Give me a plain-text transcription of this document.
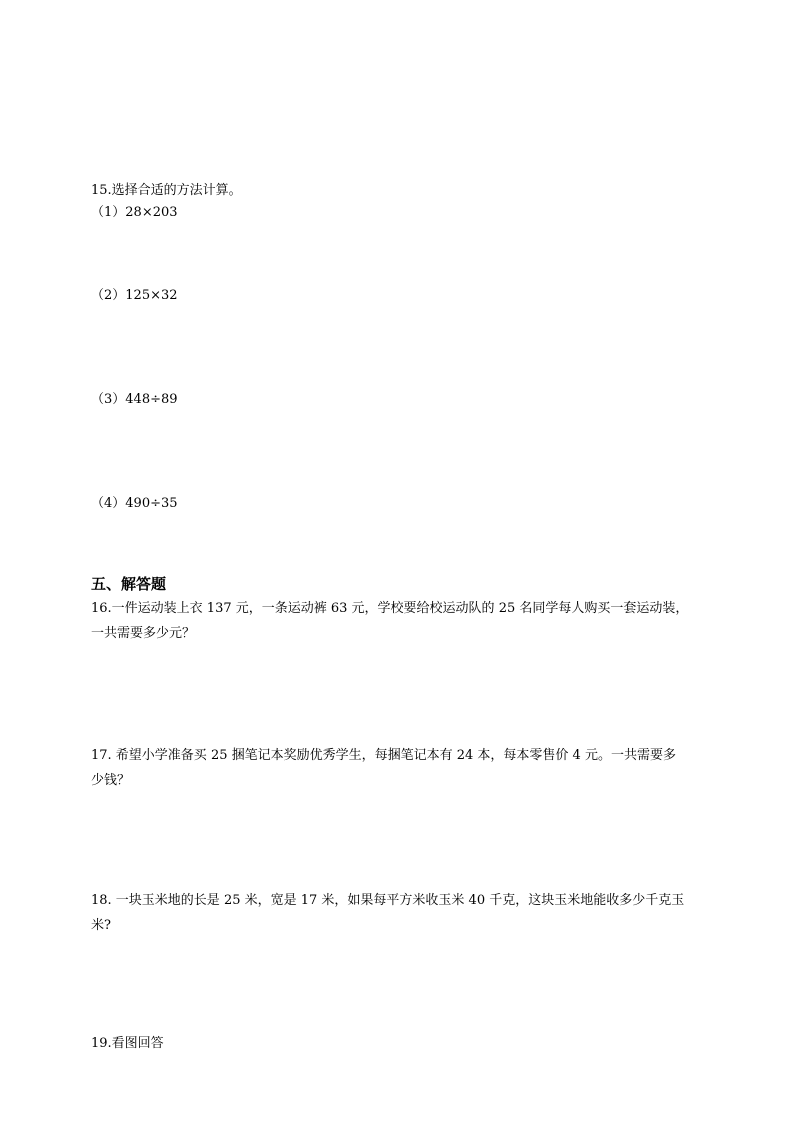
15.选择合适的方法计算。
（1）28×203
（2）125×32
（3）448÷89
（4）490÷35
五、解答题
16.一件运动装上衣 137 元，一条运动裤 63 元，学校要给校运动队的 25 名同学每人购买一套运动装，
一共需要多少元？
17. 希望小学准备买 25 捆笔记本奖励优秀学生，每捆笔记本有 24 本，每本零售价 4 元。一共需要多
少钱？
18. 一块玉米地的长是 25 米，宽是 17 米，如果每平方米收玉米 40 千克，这块玉米地能收多少千克玉
米?
19.看图回答
